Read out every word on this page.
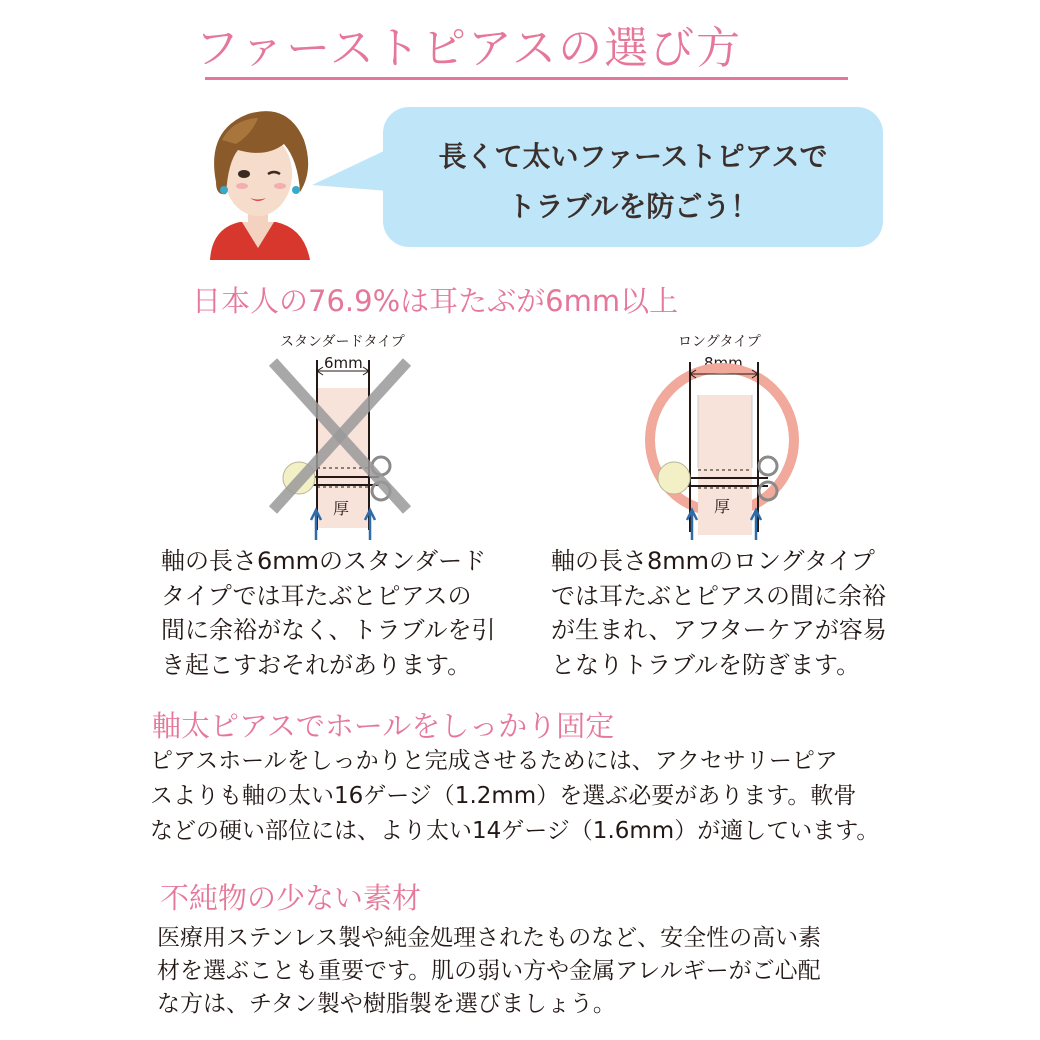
ファーストピアスの選び方
長くて太いファーストピアスで
トラブルを防ごう！
日本人の76.9%は耳たぶが6mm以上
スタンダードタイプ
6mm
厚
ロングタイプ
8mm
厚
軸の長さ6mmのスタンダード
タイプでは耳たぶとピアスの
間に余裕がなく、トラブルを引
き起こすおそれがあります。
軸の長さ8mmのロングタイプ
では耳たぶとピアスの間に余裕
が生まれ、アフターケアが容易
となりトラブルを防ぎます。
軸太ピアスでホールをしっかり固定
ピアスホールをしっかりと完成させるためには、アクセサリーピア
スよりも軸の太い16ゲージ（1.2mm）を選ぶ必要があります。軟骨
などの硬い部位には、より太い14ゲージ（1.6mm）が適しています。
不純物の少ない素材
医療用ステンレス製や純金処理されたものなど、安全性の高い素
材を選ぶことも重要です。肌の弱い方や金属アレルギーがご心配
な方は、チタン製や樹脂製を選びましょう。
